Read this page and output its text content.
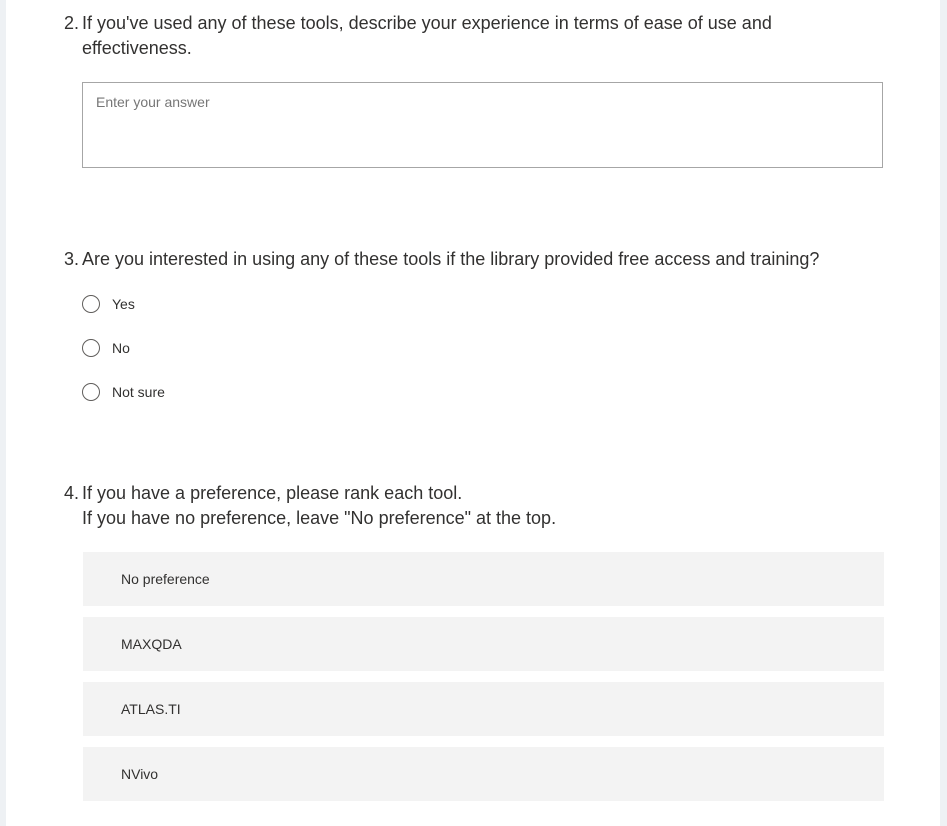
2. If you've used any of these tools, describe your experience in terms of ease of use and
effectiveness.
Enter your answer
3. Are you interested in using any of these tools if the library provided free access and training?
Yes
No
Not sure
4. If you have a preference, please rank each tool.
If you have no preference, leave "No preference" at the top.
No preference
MAXQDA
ATLAS.TI
NVivo
